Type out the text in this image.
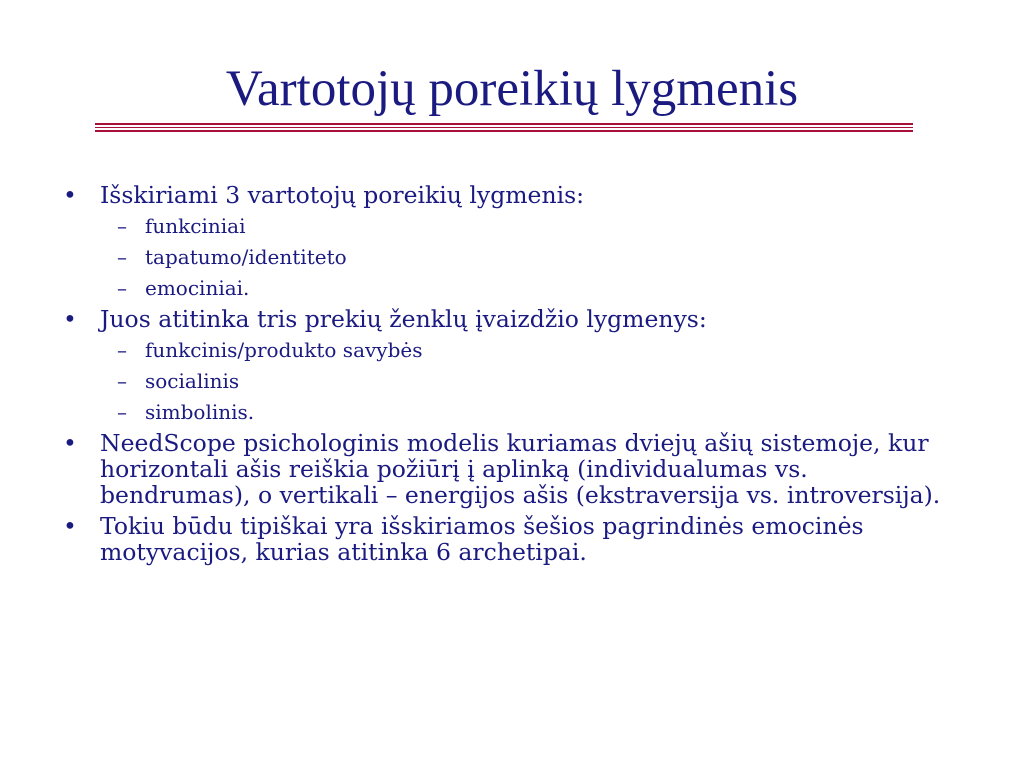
Vartotojų poreikių lygmenis
• Išskiriami 3 vartotojų poreikių lygmenis:
– funkciniai
– tapatumo/identiteto
– emociniai.
• Juos atitinka tris prekių ženklų įvaizdžio lygmenys:
– funkcinis/produkto savybės
– socialinis
– simbolinis.
• NeedScope psichologinis modelis kuriamas dviejų ašių sistemoje, kur horizontali ašis reiškia požiūrį į aplinką (individualumas vs. bendrumas), o vertikali – energijos ašis (ekstraversija vs. introversija).
• Tokiu būdu tipiškai yra išskiriamos šešios pagrindinės emocinės motyvacijos, kurias atitinka 6 archetipai.
